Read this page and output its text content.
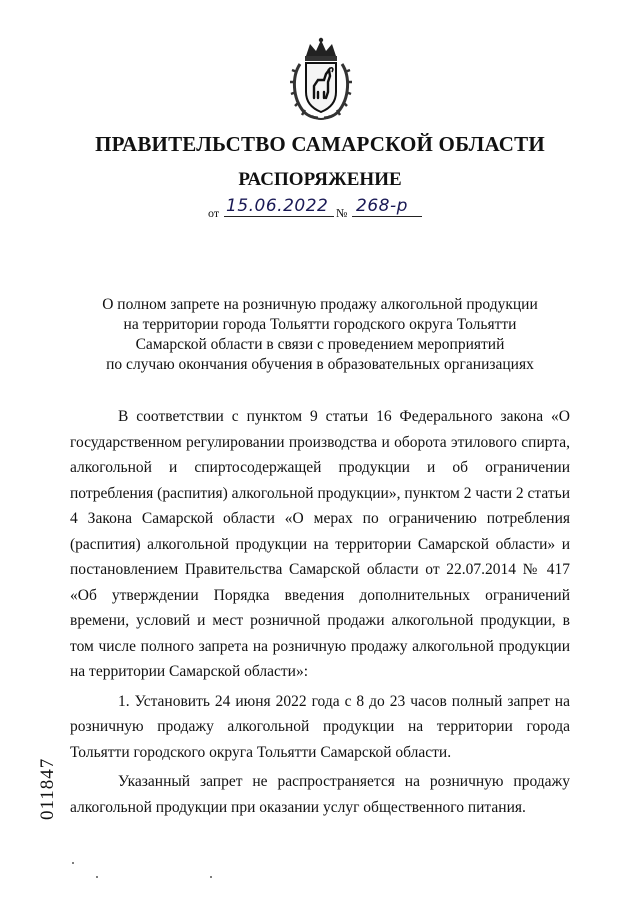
ПРАВИТЕЛЬСТВО САМАРСКОЙ ОБЛАСТИ
РАСПОРЯЖЕНИЕ
от 15.06.2022 № 268-р
О полном запрете на розничную продажу алкогольной продукции
на территории города Тольятти городского округа Тольятти
Самарской области в связи с проведением мероприятий
по случаю окончания обучения в образовательных организациях

В соответствии с пунктом 9 статьи 16 Федерального закона «О государственном регулировании производства и оборота этилового спирта, алкогольной и спиртосодержащей продукции и об ограничении потребления (распития) алкогольной продукции», пунктом 2 части 2 статьи 4 Закона Самарской области «О мерах по ограничению потребления (распития) алкогольной продукции на территории Самарской области» и постановлением Правительства Самарской области от 22.07.2014 № 417 «Об утверждении Порядка введения дополнительных ограничений времени, условий и мест розничной продажи алкогольной продукции, в том числе полного запрета на розничную продажу алкогольной продукции на территории Самарской области»:

1. Установить 24 июня 2022 года с 8 до 23 часов полный запрет на розничную продажу алкогольной продукции на территории города Тольятти городского округа Тольятти Самарской области.

Указанный запрет не распространяется на розничную продажу алкогольной продукции при оказании услуг общественного питания.

011847
